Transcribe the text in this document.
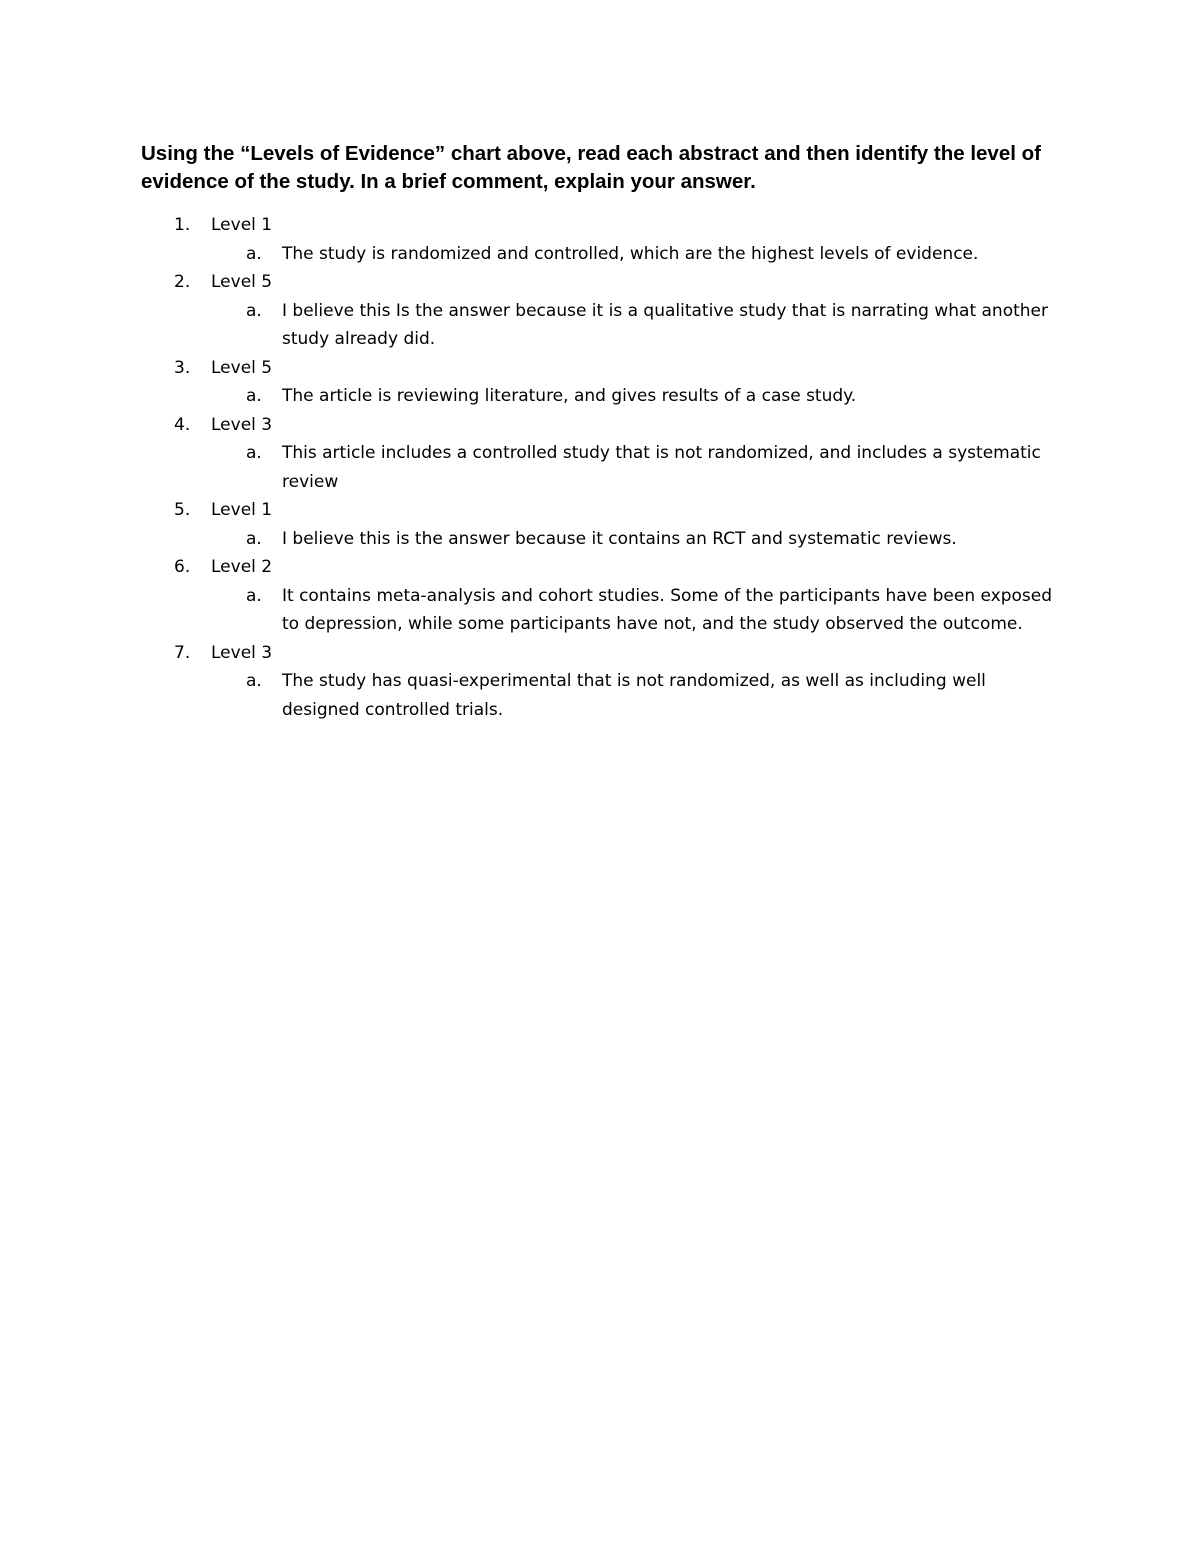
Using the “Levels of Evidence” chart above, read each abstract and then identify the level of evidence of the study. In a brief comment, explain your answer.

1.	Level 1
a. The study is randomized and controlled, which are the highest levels of evidence.
2.	Level 5
a. I believe this Is the answer because it is a qualitative study that is narrating what another study already did.
3.	Level 5
a. The article is reviewing literature, and gives results of a case study.
4.	Level 3
a. This article includes a controlled study that is not randomized, and includes a systematic review
5.	Level 1
a. I believe this is the answer because it contains an RCT and systematic reviews.
6.	Level 2
a. It contains meta-analysis and cohort studies. Some of the participants have been exposed to depression, while some participants have not, and the study observed the outcome.
7.	Level 3
a. The study has quasi-experimental that is not randomized, as well as including well designed controlled trials.
